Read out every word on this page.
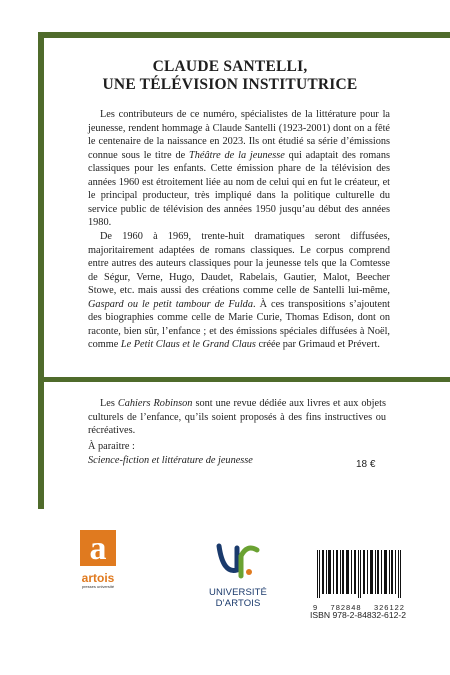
CLAUDE SANTELLI,
UNE TÉLÉVISION INSTITUTRICE

Les contributeurs de ce numéro, spécialistes de la littérature pour la jeunesse, rendent hommage à Claude Santelli (1923-2001) dont on a fêté le centenaire de la naissance en 2023. Ils ont étudié sa série d’émissions connue sous le titre de Théâtre de la jeunesse qui adaptait des romans classiques pour les enfants. Cette émission phare de la télévision des années 1960 est étroitement liée au nom de celui qui en fut le créateur, et le principal producteur, très impliqué dans la politique culturelle du service public de télévision des années 1950 jusqu’au début des années 1980.

De 1960 à 1969, trente-huit dramatiques seront diffusées, majoritairement adaptées de romans classiques. Le corpus comprend entre autres des auteurs classiques pour la jeunesse tels que la Comtesse de Ségur, Verne, Hugo, Daudet, Rabelais, Gautier, Malot, Beecher Stowe, etc. mais aussi des créations comme celle de Santelli lui-même, Gaspard ou le petit tambour de Fulda. À ces transpositions s’ajoutent des biographies comme celle de Marie Curie, Thomas Edison, dont on raconte, bien sûr, l’enfance ; et des émissions spéciales diffusées à Noël, comme Le Petit Claus et le Grand Claus créée par Grimaud et Prévert.

Les Cahiers Robinson sont une revue dédiée aux livres et aux objets culturels de l’enfance, qu’ils soient proposés à des fins instructives ou récréatives.

À paraitre :
Science-fiction et littérature de jeunesse	18 €
a
artois
presses université
UNIVERSITÉ D’ARTOIS	9 782848 326122
ISBN 978-2-84832-612-2
